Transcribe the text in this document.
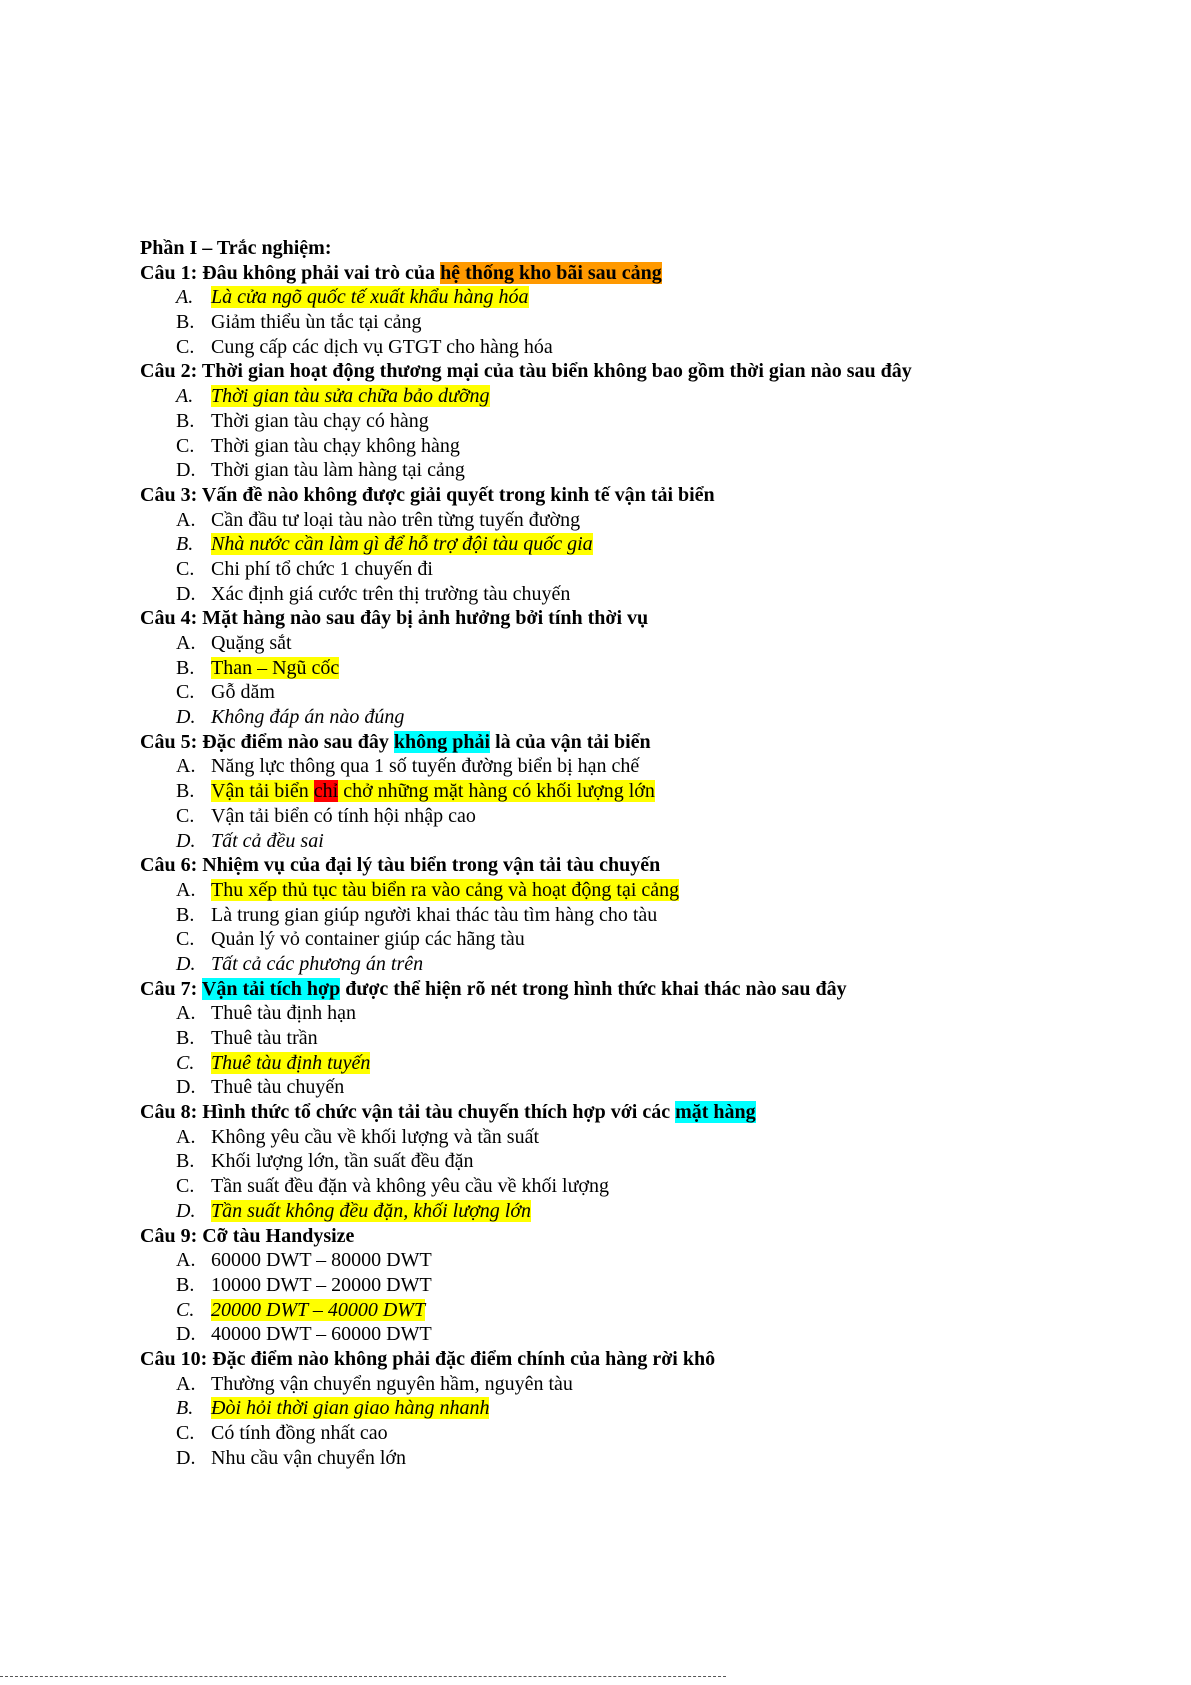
Phần I – Trắc nghiệm:
Câu 1: Đâu không phải vai trò của hệ thống kho bãi sau cảng
A. Là cửa ngõ quốc tế xuất khẩu hàng hóa
B. Giảm thiểu ùn tắc tại cảng
C. Cung cấp các dịch vụ GTGT cho hàng hóa
Câu 2: Thời gian hoạt động thương mại của tàu biển không bao gồm thời gian nào sau đây
A. Thời gian tàu sửa chữa bảo dưỡng
B. Thời gian tàu chạy có hàng
C. Thời gian tàu chạy không hàng
D. Thời gian tàu làm hàng tại cảng
Câu 3: Vấn đề nào không được giải quyết trong kinh tế vận tải biển
A. Cần đầu tư loại tàu nào trên từng tuyến đường
B. Nhà nước cần làm gì để hỗ trợ đội tàu quốc gia
C. Chi phí tổ chức 1 chuyến đi
D. Xác định giá cước trên thị trường tàu chuyến
Câu 4: Mặt hàng nào sau đây bị ảnh hưởng bởi tính thời vụ
A. Quặng sắt
B. Than – Ngũ cốc
C. Gỗ dăm
D. Không đáp án nào đúng
Câu 5: Đặc điểm nào sau đây không phải là của vận tải biển
A. Năng lực thông qua 1 số tuyến đường biển bị hạn chế
B. Vận tải biển chỉ chở những mặt hàng có khối lượng lớn
C. Vận tải biển có tính hội nhập cao
D. Tất cả đều sai
Câu 6: Nhiệm vụ của đại lý tàu biển trong vận tải tàu chuyến
A. Thu xếp thủ tục tàu biển ra vào cảng và hoạt động tại cảng
B. Là trung gian giúp người khai thác tàu tìm hàng cho tàu
C. Quản lý vỏ container giúp các hãng tàu
D. Tất cả các phương án trên
Câu 7: Vận tải tích hợp được thể hiện rõ nét trong hình thức khai thác nào sau đây
A. Thuê tàu định hạn
B. Thuê tàu trần
C. Thuê tàu định tuyến
D. Thuê tàu chuyến
Câu 8: Hình thức tổ chức vận tải tàu chuyến thích hợp với các mặt hàng
A. Không yêu cầu về khối lượng và tần suất
B. Khối lượng lớn, tần suất đều đặn
C. Tần suất đều đặn và không yêu cầu về khối lượng
D. Tần suất không đều đặn, khối lượng lớn
Câu 9: Cỡ tàu Handysize
A. 60000 DWT – 80000 DWT
B. 10000 DWT – 20000 DWT
C. 20000 DWT – 40000 DWT
D. 40000 DWT – 60000 DWT
Câu 10: Đặc điểm nào không phải đặc điểm chính của hàng rời khô
A. Thường vận chuyển nguyên hầm, nguyên tàu
B. Đòi hỏi thời gian giao hàng nhanh
C. Có tính đồng nhất cao
D. Nhu cầu vận chuyển lớn
